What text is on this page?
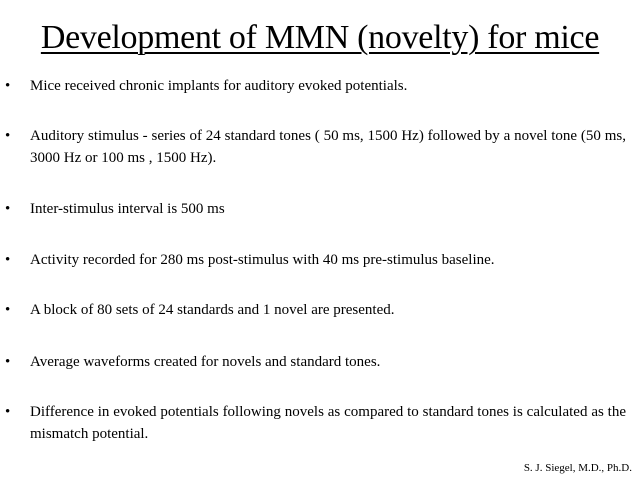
Development of MMN (novelty) for mice
• Mice received chronic implants for auditory evoked potentials.
• Auditory stimulus - series of 24 standard tones ( 50 ms, 1500 Hz) followed by a novel tone (50 ms, 3000 Hz or 100 ms , 1500 Hz).
• Inter-stimulus interval is 500 ms
• Activity recorded for 280 ms post-stimulus with 40 ms pre-stimulus baseline.
• A block of 80 sets of 24 standards and 1 novel are presented.
• Average waveforms created for novels and standard tones.
• Difference in evoked potentials following novels as compared to standard tones is calculated as the mismatch potential.
S. J. Siegel, M.D., Ph.D.
